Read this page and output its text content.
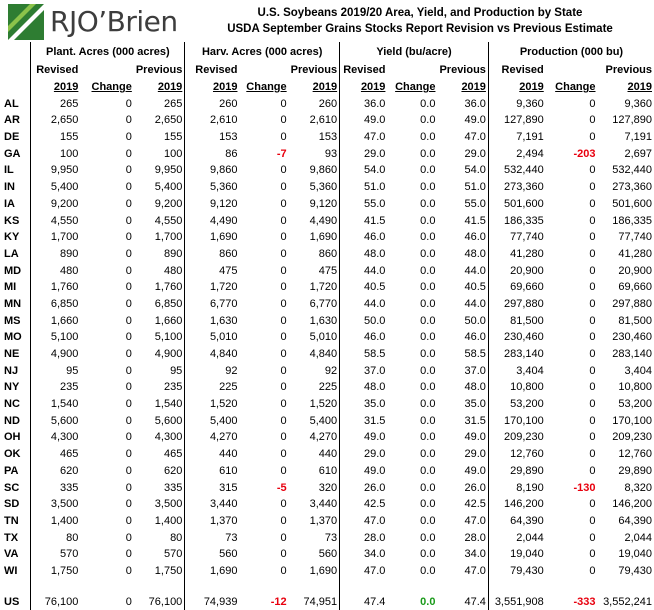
RJO’Brien	U.S. Soybeans 2019/20 Area, Yield, and Production by State
USDA September Grains Stocks Report Revision vs Previous Estimate
	Plant. Acres (000 acres)			Harv. Acres (000 acres)			Yield (bu/acre)			Production (000 bu)		
	Revised		Previous	Revised		Previous	Revised		Previous	Revised		Previous
	2019	Change	2019	2019	Change	2019	2019	Change	2019	2019	Change	2019
AL	265	0	265	260	0	260	36.0	0.0	36.0	9,360	0	9,360
AR	2,650	0	2,650	2,610	0	2,610	49.0	0.0	49.0	127,890	0	127,890
DE	155	0	155	153	0	153	47.0	0.0	47.0	7,191	0	7,191
GA	100	0	100	86	-7	93	29.0	0.0	29.0	2,494	-203	2,697
IL	9,950	0	9,950	9,860	0	9,860	54.0	0.0	54.0	532,440	0	532,440
IN	5,400	0	5,400	5,360	0	5,360	51.0	0.0	51.0	273,360	0	273,360
IA	9,200	0	9,200	9,120	0	9,120	55.0	0.0	55.0	501,600	0	501,600
KS	4,550	0	4,550	4,490	0	4,490	41.5	0.0	41.5	186,335	0	186,335
KY	1,700	0	1,700	1,690	0	1,690	46.0	0.0	46.0	77,740	0	77,740
LA	890	0	890	860	0	860	48.0	0.0	48.0	41,280	0	41,280
MD	480	0	480	475	0	475	44.0	0.0	44.0	20,900	0	20,900
MI	1,760	0	1,760	1,720	0	1,720	40.5	0.0	40.5	69,660	0	69,660
MN	6,850	0	6,850	6,770	0	6,770	44.0	0.0	44.0	297,880	0	297,880
MS	1,660	0	1,660	1,630	0	1,630	50.0	0.0	50.0	81,500	0	81,500
MO	5,100	0	5,100	5,010	0	5,010	46.0	0.0	46.0	230,460	0	230,460
NE	4,900	0	4,900	4,840	0	4,840	58.5	0.0	58.5	283,140	0	283,140
NJ	95	0	95	92	0	92	37.0	0.0	37.0	3,404	0	3,404
NY	235	0	235	225	0	225	48.0	0.0	48.0	10,800	0	10,800
NC	1,540	0	1,540	1,520	0	1,520	35.0	0.0	35.0	53,200	0	53,200
ND	5,600	0	5,600	5,400	0	5,400	31.5	0.0	31.5	170,100	0	170,100
OH	4,300	0	4,300	4,270	0	4,270	49.0	0.0	49.0	209,230	0	209,230
OK	465	0	465	440	0	440	29.0	0.0	29.0	12,760	0	12,760
PA	620	0	620	610	0	610	49.0	0.0	49.0	29,890	0	29,890
SC	335	0	335	315	-5	320	26.0	0.0	26.0	8,190	-130	8,320
SD	3,500	0	3,500	3,440	0	3,440	42.5	0.0	42.5	146,200	0	146,200
TN	1,400	0	1,400	1,370	0	1,370	47.0	0.0	47.0	64,390	0	64,390
TX	80	0	80	73	0	73	28.0	0.0	28.0	2,044	0	2,044
VA	570	0	570	560	0	560	34.0	0.0	34.0	19,040	0	19,040
WI	1,750	0	1,750	1,690	0	1,690	47.0	0.0	47.0	79,430	0	79,430

US	76,100	0	76,100	74,939	-12	74,951	47.4	0.0	47.4	3,551,908	-333	3,552,241
